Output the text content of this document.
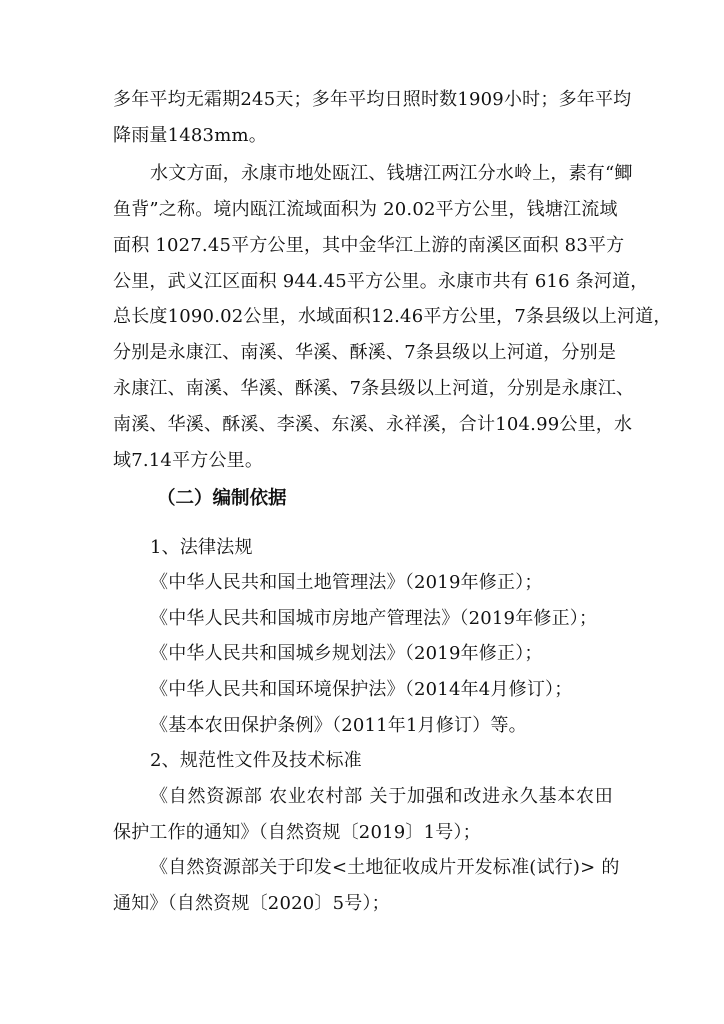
多年平均无霜期245天；多年平均日照时数1909小时；多年平均
降雨量1483mm。
水文方面，永康市地处瓯江、钱塘江两江分水岭上，素有“鲫
鱼背”之称。境内瓯江流域面积为 20.02平方公里，钱塘江流域
面积 1027.45平方公里，其中金华江上游的南溪区面积 83平方
公里，武义江区面积 944.45平方公里。永康市共有 616 条河道，
总长度1090.02公里，水域面积12.46平方公里，7条县级以上河道，
分别是永康江、南溪、华溪、酥溪、7条县级以上河道，分别是
永康江、南溪、华溪、酥溪、7条县级以上河道，分别是永康江、
南溪、华溪、酥溪、李溪、东溪、永祥溪，合计104.99公里，水
域7.14平方公里。
（二）编制依据
1、法律法规
《中华人民共和国土地管理法》（2019年修正）；
《中华人民共和国城市房地产管理法》（2019年修正）；
《中华人民共和国城乡规划法》（2019年修正）；
《中华人民共和国环境保护法》（2014年4月修订）；
《基本农田保护条例》（2011年1月修订）等。
2、规范性文件及技术标准
《自然资源部 农业农村部 关于加强和改进永久基本农田
保护工作的通知》（自然资规〔2019〕1号）；
《自然资源部关于印发<土地征收成片开发标准(试行)> 的
通知》（自然资规〔2020〕5号）；
